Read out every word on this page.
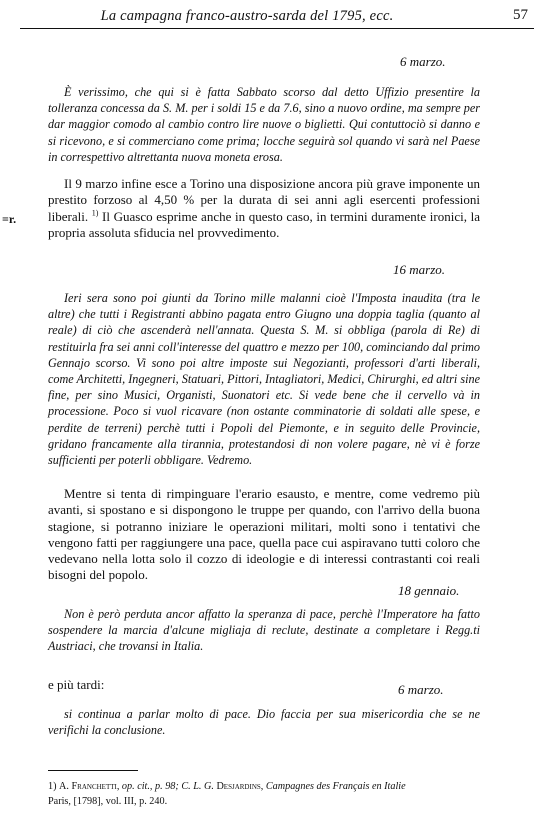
La campagna franco-austro-sarda del 1795, ecc.	57
6 marzo.

È verissimo, che qui si è fatta Sabbato scorso dal detto Uffizio presentire la tolleranza concessa da S. M. per i soldi 15 e da 7.6, sino a nuovo ordine, ma sempre per dar maggior comodo al cambio contro lire nuove o biglietti. Qui contuttociò si danno e si ricevono, e si commerciano come prima; locche seguirà sol quando vi sarà nel Paese in correspettivo altrettanta nuova moneta erosa.

=r.

Il 9 marzo infine esce a Torino una disposizione ancora più grave imponente un prestito forzoso al 4,50 % per la durata di sei anni agli esercenti professioni liberali. $^{1)}$ Il Guasco esprime anche in questo caso, in termini duramente ironici, la propria assoluta sfiducia nel provvedimento.

16 marzo.

Ieri sera sono poi giunti da Torino mille malanni cioè l'Imposta inaudita (tra le altre) che tutti i Registranti abbino pagata entro Giugno una doppia taglia (quanto al reale) di ciò che ascenderà nell'annata. Questa S. M. si obbliga (parola di Re) di restituirla fra sei anni coll'interesse del quattro e mezzo per 100, cominciando dal primo Gennajo scorso. Vi sono poi altre imposte sui Negozianti, professori d'arti liberali, come Architetti, Ingegneri, Statuari, Pittori, Intagliatori, Medici, Chirurghi, ed altri sine fine, per sino Musici, Organisti, Suonatori etc. Si vede bene che il cervello và in processione. Poco si vuol ricavare (non ostante comminatorie di soldati alle spese, e perdite de terreni) perchè tutti i Popoli del Piemonte, e in seguito delle Provincie, gridano francamente alla tirannia, protestandosi di non volere pagare, nè vi è forze sufficienti per poterli obbligare. Vedremo.

Mentre si tenta di rimpinguare l'erario esausto, e mentre, come vedremo più avanti, si spostano e si dispongono le truppe per quando, con l'arrivo della buona stagione, si potranno iniziare le operazioni militari, molti sono i tentativi che vengono fatti per raggiungere una pace, quella pace cui aspiravano tutti coloro che vedevano nella lotta solo il cozzo di ideologie e di interessi contrastanti coi reali bisogni del popolo.

18 gennaio.

Non è però perduta ancor affatto la speranza di pace, perchè l'Imperatore ha fatto sospendere la marcia d'alcune migliaja di reclute, destinate a completare i Regg.ti Austriaci, che trovansi in Italia.

e più tardi:	6 marzo.

si continua a parlar molto di pace. Dio faccia per sua misericordia che se ne verifichi la conclusione.

1) A. Franchetti, op. cit., p. 98; C. L. G. Desjardins, Campagnes des Français en Italie
Paris, [1798], vol. III, p. 240.
